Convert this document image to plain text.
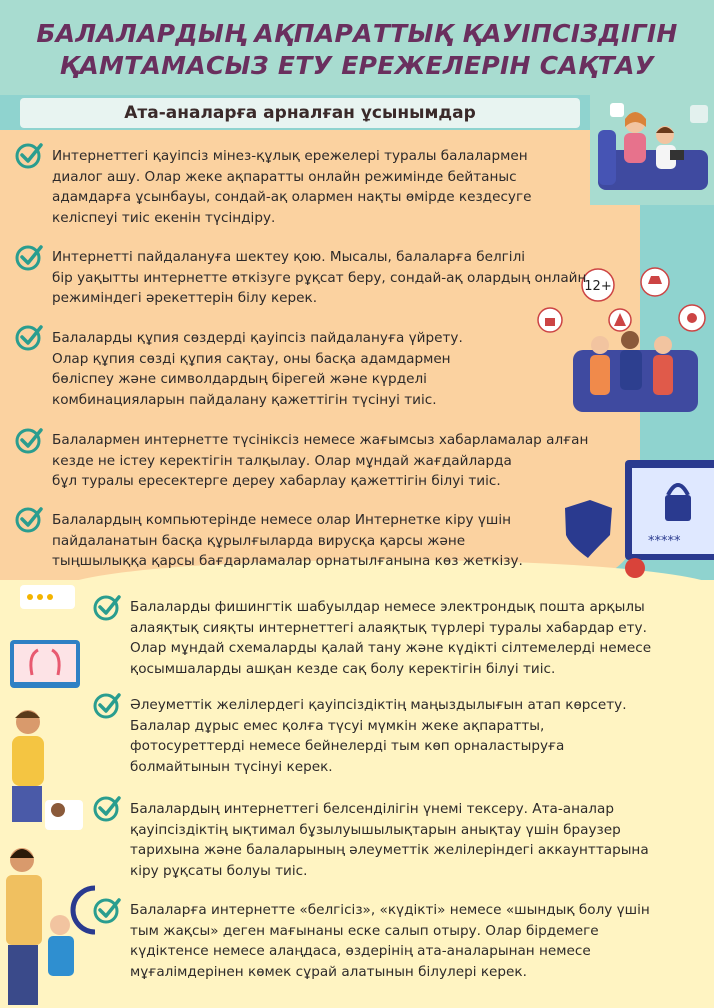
БАЛАЛАРДЫҢ АҚПАРАТТЫҚ ҚАУІПСІЗДІГІН
ҚАМТАМАСЫЗ ЕТУ ЕРЕЖЕЛЕРІН САҚТАУ
Ата-аналарға арналған ұсынымдар
12+
*****
Интернеттегі қауіпсіз мінез-құлық ережелері туралы балалармен
диалог ашу. Олар жеке ақпаратты онлайн режимінде бейтаныс
адамдарға ұсынбауы, сондай-ақ олармен нақты өмірде кездесуге
келіспеуі тиіс екенін түсіндіру.
Интернетті пайдалануға шектеу қою. Мысалы, балаларға белгілі
бір уақытты интернетте өткізуге рұқсат беру, сондай-ақ олардың онлайн
режиміндегі әрекеттерін білу керек.
Балаларды құпия сөздерді қауіпсіз пайдалануға үйрету.
Олар құпия сөзді құпия сақтау, оны басқа адамдармен
бөліспеу және символдардың бірегей және күрделі
комбинацияларын пайдалану қажеттігін түсінуі тиіс.
Балалармен интернетте түсініксіз немесе жағымсыз хабарламалар алған
кезде не істеу керектігін талқылау. Олар мұндай жағдайларда
бұл туралы ересектерге дереу хабарлау қажеттігін білуі тиіс.
Балалардың компьютерінде немесе олар Интернетке кіру үшін
пайдаланатын басқа құрылғыларда вирусқа қарсы және
тыңшылыққа қарсы бағдарламалар орнатылғанына көз жеткізу.
Балаларды фишингтік шабуылдар немесе электрондық пошта арқылы
алаяқтық сияқты интернеттегі алаяқтық түрлері туралы хабардар ету.
Олар мұндай схемаларды қалай тану және күдікті сілтемелерді немесе
қосымшаларды ашқан кезде сақ болу керектігін білуі тиіс.
Әлеуметтік желілердегі қауіпсіздіктің маңыздылығын атап көрсету.
Балалар дұрыс емес қолға түсуі мүмкін жеке ақпаратты,
фотосуреттерді немесе бейнелерді тым көп орналастыруға
болмайтынын түсінуі керек.
Балалардың интернеттегі белсенділігін үнемі тексеру. Ата-аналар
қауіпсіздіктің ықтимал бұзылуышылықтарын анықтау үшін браузер
тарихына және балаларының әлеуметтік желілеріндегі аккаунттарына
кіру рұқсаты болуы тиіс.
Балаларға интернетте «белгісіз», «күдікті» немесе «шындық болу үшін
тым жақсы» деген мағынаны еске салып отыру. Олар бірдемеге
күдіктенсе немесе алаңдаса, өздерінің ата-аналарынан немесе
мұғалімдерінен көмек сұрай алатынын білулері керек.
